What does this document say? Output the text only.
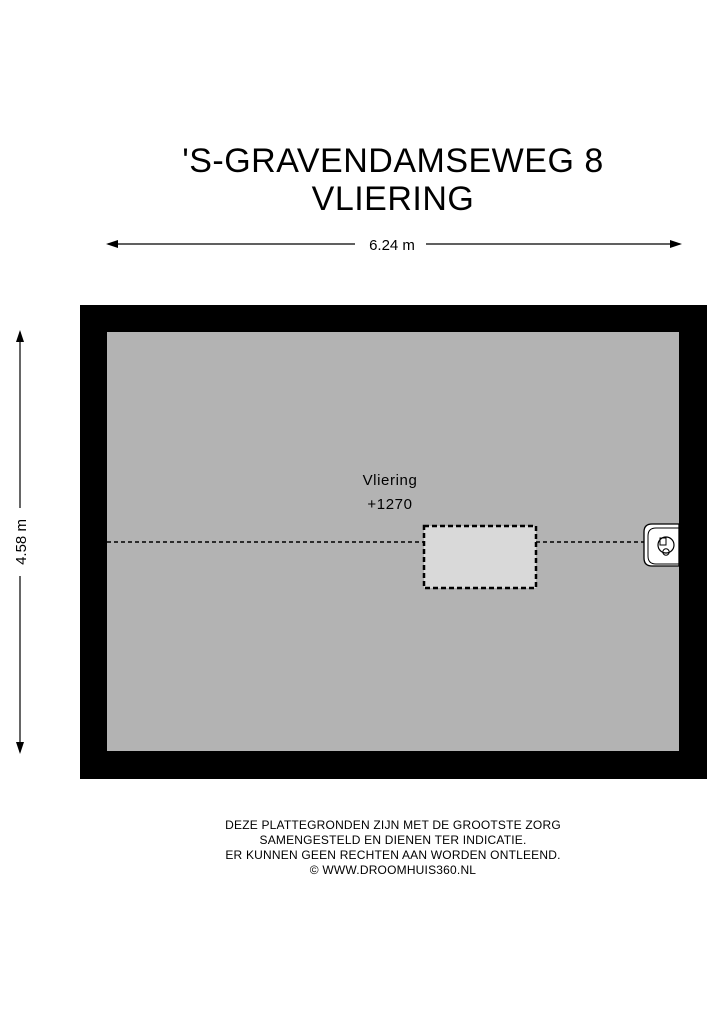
'S-GRAVENDAMSEWEG 8
VLIERING
6.24 m
4.58 m
Vliering
+1270
DEZE PLATTEGRONDEN ZIJN MET DE GROOTSTE ZORG
SAMENGESTELD EN DIENEN TER INDICATIE.
ER KUNNEN GEEN RECHTEN AAN WORDEN ONTLEEND.
© WWW.DROOMHUIS360.NL
